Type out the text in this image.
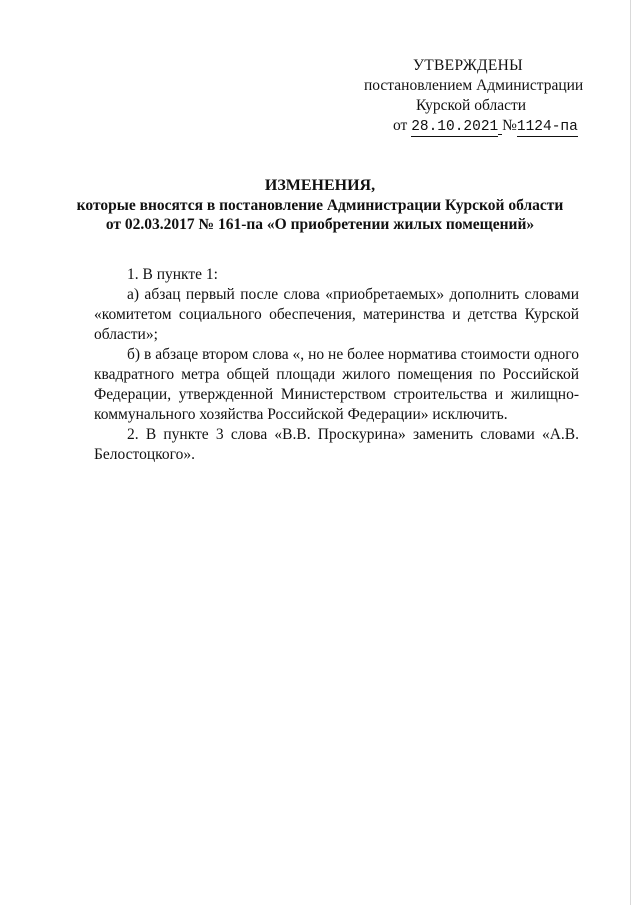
УТВЕРЖДЕНЫ
постановлением Администрации
Курской области
от 28.10.2021 №1124-па
ИЗМЕНЕНИЯ,
которые вносятся в постановление Администрации Курской области
от 02.03.2017 № 161-па «О приобретении жилых помещений»

1. В пункте 1:

а) абзац первый после слова «приобретаемых» дополнить словами «комитетом социального обеспечения, материнства и детства Курской области»;

б) в абзаце втором слова «, но не более норматива стоимости одного квадратного метра общей площади жилого помещения по Российской Федерации, утвержденной Министерством строительства и жилищно-коммунального хозяйства Российской Федерации» исключить.

2. В пункте 3 слова «В.В. Проскурина» заменить словами «А.В. Белостоцкого».
